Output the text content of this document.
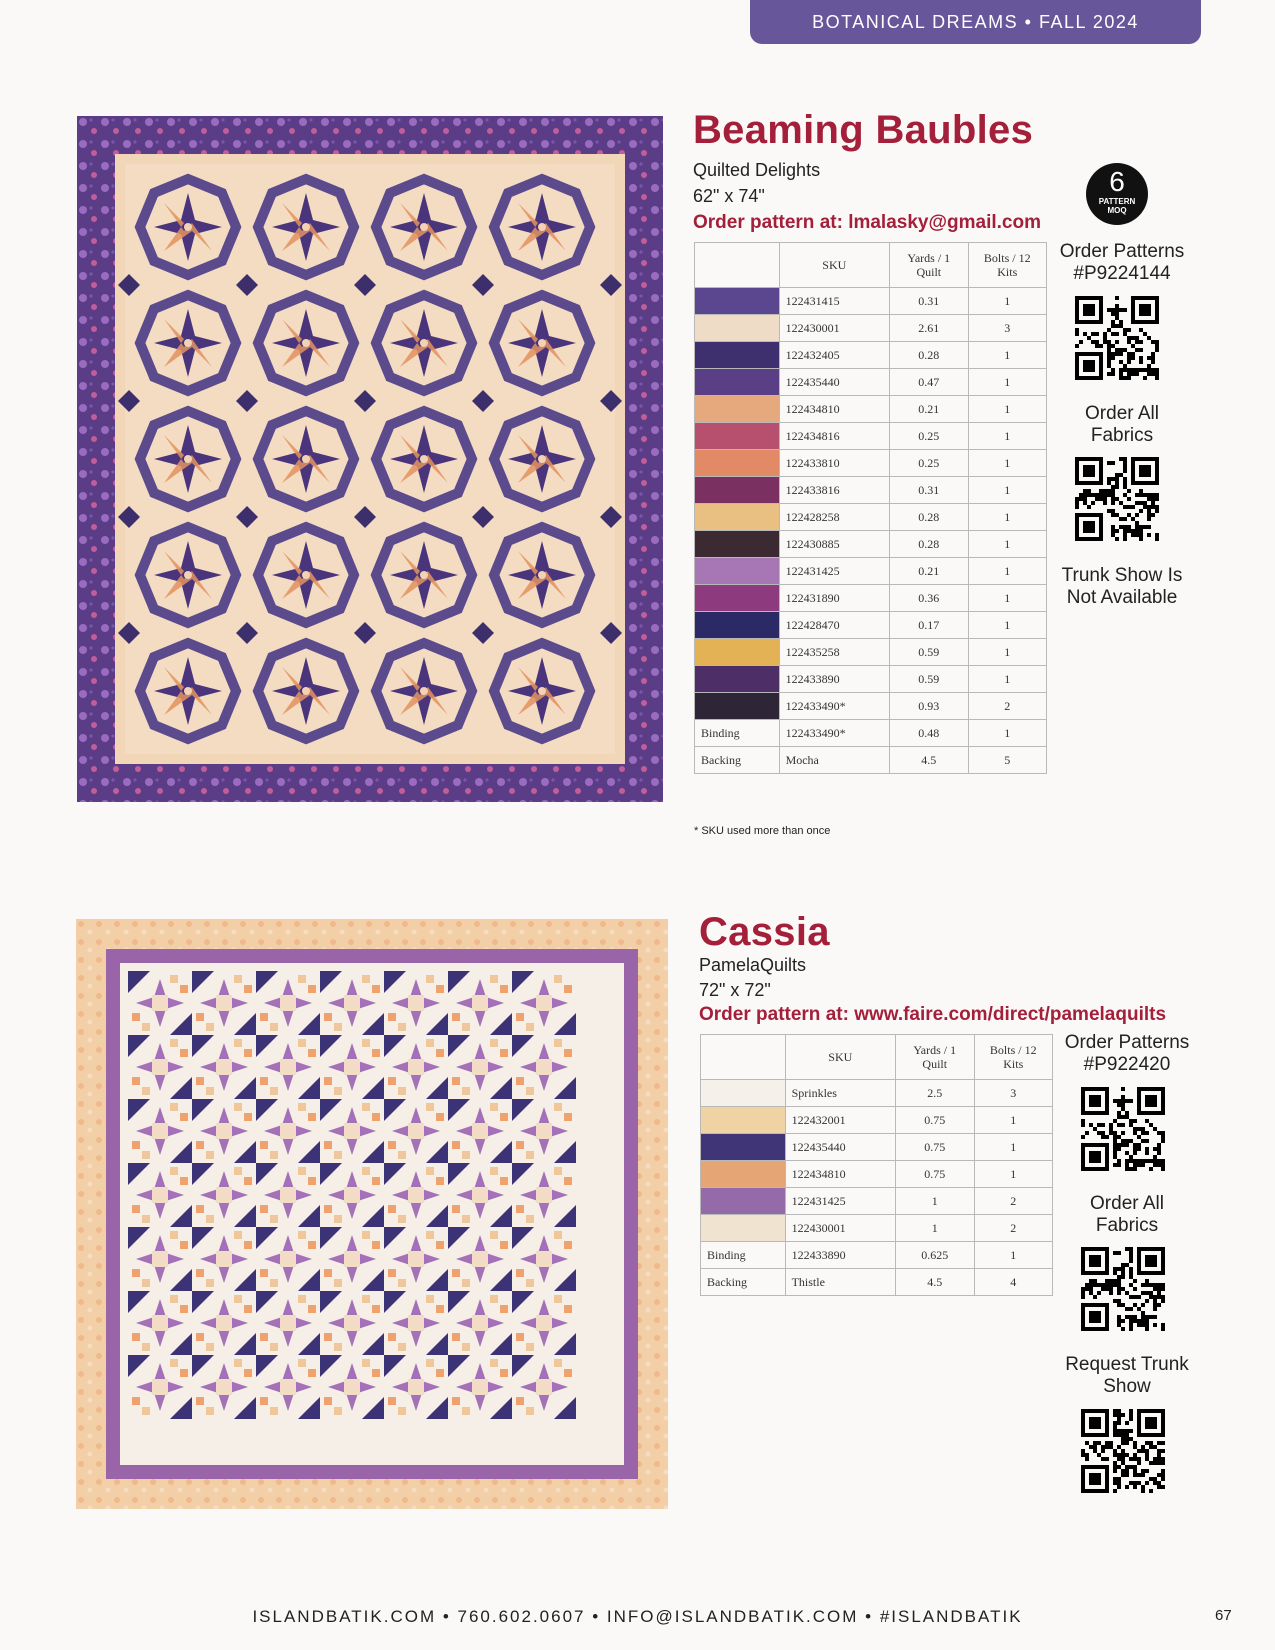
BOTANICAL DREAMS • FALL 2024
Beaming Baubles
Quilted Delights
62" x 74"
Order pattern at: lmalasky@gmail.com
	SKU	Yards / 1 Quilt	Bolts / 12 Kits

	122431415	0.31	1

	122430001	2.61	3

	122432405	0.28	1

	122435440	0.47	1

	122434810	0.21	1

	122434816	0.25	1

	122433810	0.25	1

	122433816	0.31	1

	122428258	0.28	1

	122430885	0.28	1

	122431425	0.21	1

	122431890	0.36	1

	122428470	0.17	1

	122435258	0.59	1

	122433890	0.59	1

	122433490*	0.93	2
Binding	122433490*	0.48	1
Backing	Mocha	4.5	5
* SKU used more than once
6
PATTERN
MOQ
Order Patterns
#P9224144
Order All
Fabrics
Trunk Show Is
Not Available
Cassia
PamelaQuilts
72" x 72"
Order pattern at: www.faire.com/direct/pamelaquilts
	SKU	Yards / 1 Quilt	Bolts / 12 Kits

	Sprinkles	2.5	3

	122432001	0.75	1

	122435440	0.75	1

	122434810	0.75	1

	122431425	1	2

	122430001	1	2
Binding	122433890	0.625	1
Backing	Thistle	4.5	4
Order Patterns
#P922420
Order All
Fabrics
Request Trunk
Show
ISLANDBATIK.COM • 760.602.0607 • INFO@ISLANDBATIK.COM • #ISLANDBATIK	67
